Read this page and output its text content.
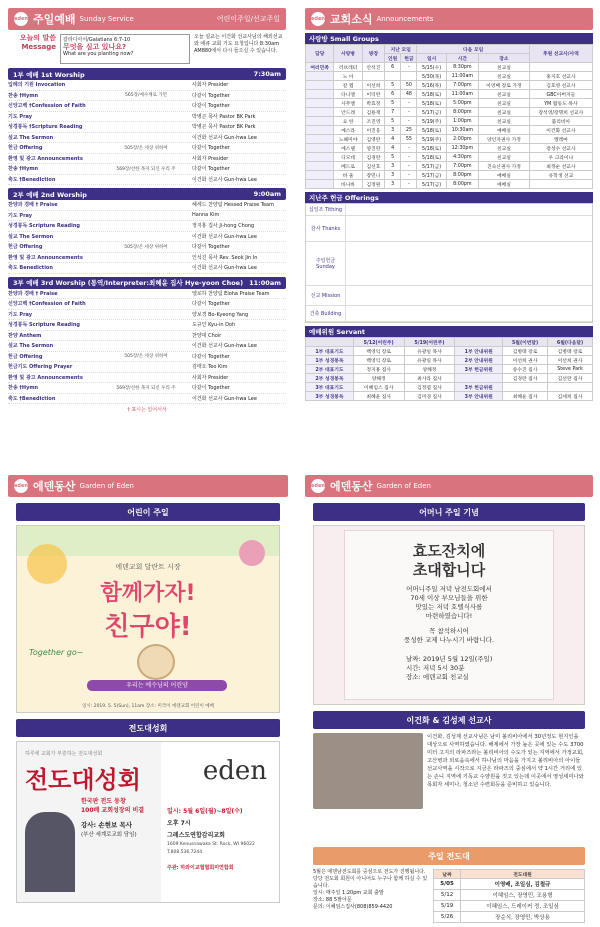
eden 주일예배 Sunday Service	어린이주일/선교주일
오늘의 말씀
Message
갈라디아서/Galatians 6:7-10
무엇을 심고 있나요?
What are you planting now?
오늘 설교는 이건화 선교사님의 해외선교와 에큐 교회 기도 요청입니다 8:30am AM880에서 다시 들으실 수 있습니다.
1부 예배 1st Worship	7:30am
입례의 기원 Invocation	사회자 Presider
찬송 †Hymn	565장/예수께로 가면	다같이 Together
신앙고백 †Confession of Faith	다같이 Together
기도 Pray	박병곤 목사 Pastor BK Park
성경봉독 †Scripture Reading	박병곤 목사 Pastor BK Park
설교 The Sermon	이건화 선교사 Gun-hwa Lee
헌금 Offering	505장/온 세상 위하여	다같이 Together
환영 및 광고 Announcements	사회자 Presider
찬송 †Hymn	569장/선한 목자 되신 우리 주	다같이 Together
축도 †Benediction	이건화 선교사 Gun-hwa Lee
2부 예배 2nd Worship	9:00am
찬양과 경배 † Praise	헤세드 찬양팀 Hessed Praise Team
기도 Pray	Hanna Kim
성경봉독 Scripture Reading	정지홍 집사 Ji-hong Chong
설교 The Sermon	이건화 선교사 Gun-hwa Lee
헌금 Offering	505장/온 세상 위하여	다같이 Together
환영 및 광고 Announcements	인석진 목사 Rev. Seok Jin In
축도 Benediction	이건화 선교사 Gun-hwa Lee
3부 예배 3rd Worship (통역/Interpreter:최혜윤 집사 Hye-yoon Choe) 11:00am
찬양과 경배 † Praise	엘로하 찬양팀 Eloha Praise Team
신앙고백 †Confession of Faith	다같이 Together
기도 Pray	양보경 Bo-Kyeong Yang
성경봉독 Scripture Reading	도규인 Kyu-in Doh
찬양 Anthem	찬양대 Choir
설교 The Sermon	이건화 선교사 Gun-hwa Lee
헌금 Offering	505장/온 세상 위하여	다같이 Together
헌금기도 Offering Prayer	김태오 Teo Kim
환영 및 광고 Announcements	사회자 Presider
찬송 †Hymn	569장/선한 목자 되신 우리 주	다같이 Together
축도 †Benediction	이건화 선교사 Gun-hwa Lee
† 표시는 일어서서
eden 교회소식 Announcements
사랑방 Small Groups
담당	사랑방	방장	지난 모임		다음 모임			후원 선교사/사역
			인원	헌금	일시	시간	장소	
여러민족	러브레터	안석진	6	-	5/15(수)	8:30pm	친교실	
	노 아				5/30(목)	11:00am	친교실	홍지호 선교사
	갈 렙	이선희	5	50	5/16(목)	7:00pm	이영배 장로 가정	김호영 선교사
	다니엘	이덕란	6	48	5/18(토)	11:00am	친교실	GBC아버지들
	사무엘	박효정	5	-	5/18(토)	5:00pm	친교실	YM 활동도 목사
	안드레	김용재	7	-	5/17(금)	8:00pm	친교실	장석영/장명희 선교사
	요 한	조진영	5	-	5/19(주)	1:00pm	친교실	불리비아
	예스라	이진웅	3	25	5/18(토)	10:30am	예배실	이건화 선교사
	느헤미야	김영란	4	55	5/19(주)	2:00pm	양인자권사 가정	엘레마
	에스델	양진란	4	-	5/18(토)	12:30pm	친교실	장성수 선교사
	디모데	김경란	5	-	5/18(토)	4:30pm	친교실	우 크라이나
	베드로	김선호	3	-	5/17(금)	7:00pm	진숙산권사 가정	최정순 선교사
	바 울	장민니	3	-	5/17(금)	8:00pm	예배실	유학생 선교
	바나바	김정원	3	-	5/17(금)	8:00pm	예배실	
지난주 헌금 Offerings
십일조 Tithing
감사 Thanks
주일헌금 Sunday
선교 Mission
건축 Building
예배위원 Servant
	5/12(어린주)	5/19(어린주)		5월(이번달)	6월(다음달)
1부 대표기도	백영익 장로	유광일 목사	1부 안내위원	김병태 장로	김병태 장로
1부 성경봉독	백영익 장로	유광일 목사	2부 안내위원	이선희 권사	이선희 권사
2부 대표기도	정지홍 집사	양해정	3부 헌금위원	송수진 집사	Steve Park
2부 성경봉독	양해정	최사라 집사		김경란 집사	김선란 집사
3부 대표기도	이혜임스 집사	김정엽 집사	3부 헌금위원		
3부 성경봉독	최혜윤 집사	김미경 집사	3부 안내위원	최혜윤 집사	김세희 집사
eden 에덴동산 Garden of Eden
어린이 주일
에덴교회 달란트 시장
함께가자!
친구야!
우리는 예수님의 어린양
Together go~
일시: 2019. 5. 5(Sun), 11am 장소: 미국이 에덴교회 어린이 예배
전도대성회
하루에 교회가 부흥하는 전도대성회
전도대성회
한국판 전도 동창
100배 교회성장의 비결
강사: 손현보 목사
(부산 세계로교회 담임)
eden
일시: 5월 6일(월)~8일(수)
오후 7시
그레스도연합감리교회
1609 Kenusnawaka St. Rock, WI 96022
T.808.536.7244
주관: 하와이교협협회미연합회
eden 에덴동산 Garden of Eden
어머니 주일 기념
효도잔치에
초대합니다
어머니주일 저녁 남전도회에서
70세 이상 부모님들을 위한
맛있는 저녁 호텔식사를
마련하였습니다!
꼭 참석하시어
풍성한 교제 나누시기 바랍니다.
날짜: 2019년 5월 12일(주일)
시간: 저녁 5시 30분
장소: 에덴교회 친교실
이건화 & 김성제 선교사
이건화, 김성제 선교사님은 남미 볼리비아에서 30년정도 현지인을 대상으로 사역하였습니다. 해제에서 가장 높은 곳에 있는 수도 3700미터 고지의 라파즈라는 볼리비아의 수도가 있는 지역에서 가정교회, 고산병과 외로움속에서 하나님의 마음을 가지고 볼리비아의 아이들 선교사역을 시작으로 지금은 라파즈의 중심에서 약 1시간 거리에 있는 손니 지역에 기독교 수양원을 짓고 있는데 이곳에서 영성세미나와 목회자 세미나, 청소년 수련회등을 준비하고 있습니다.
주일 전도대
5월은 에덴남전도회를 중심으로 전도가 진행됩니다. 당당 전도회 회원이 아니어도 누구나 함께 하실 수 있습니다.
일시: 매주일 1:20pm 교회 출발
장소: 88 5팔아문
문의: 이혜임스집사(808)859-4420
날짜	전도대원
5/05	이영배, 조일심, 김철규
5/12	이혜임스, 장영민, 조용형
5/19	이혜임스, 드레이커 정, 조일심
5/26	장순식, 장영민, 박상용
